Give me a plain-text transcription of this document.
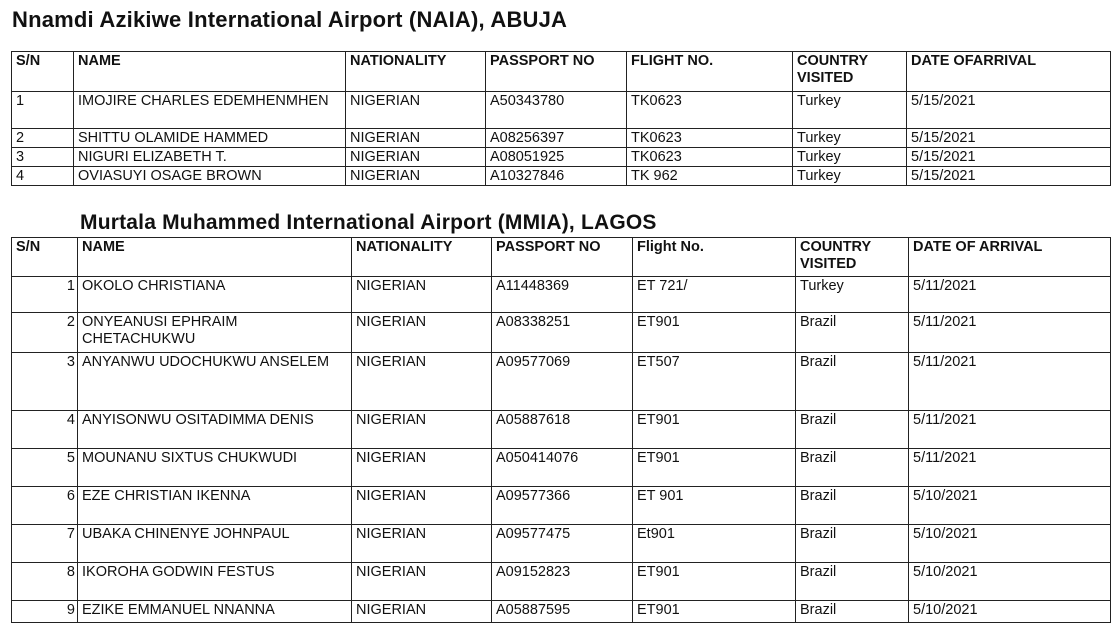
Nnamdi Azikiwe International Airport (NAIA), ABUJA
S/N	NAME	NATIONALITY	PASSPORT NO	FLIGHT NO.	COUNTRY VISITED	DATE OFARRIVAL
1	IMOJIRE CHARLES EDEMHENMHEN	NIGERIAN	A50343780	TK0623	Turkey	5/15/2021
2	SHITTU OLAMIDE HAMMED	NIGERIAN	A08256397	TK0623	Turkey	5/15/2021
3	NIGURI ELIZABETH T.	NIGERIAN	A08051925	TK0623	Turkey	5/15/2021
4	OVIASUYI OSAGE BROWN	NIGERIAN	A10327846	TK 962	Turkey	5/15/2021
Murtala Muhammed International Airport (MMIA), LAGOS
S/N	NAME	NATIONALITY	PASSPORT NO	Flight No.	COUNTRY VISITED	DATE OF ARRIVAL
1	OKOLO CHRISTIANA	NIGERIAN	A11448369	ET 721/	Turkey	5/11/2021
2	ONYEANUSI EPHRAIM CHETACHUKWU	NIGERIAN	A08338251	ET901	Brazil	5/11/2021
3	ANYANWU UDOCHUKWU ANSELEM	NIGERIAN	A09577069	ET507	Brazil	5/11/2021
4	ANYISONWU OSITADIMMA DENIS	NIGERIAN	A05887618	ET901	Brazil	5/11/2021
5	MOUNANU SIXTUS CHUKWUDI	NIGERIAN	A050414076	ET901	Brazil	5/11/2021
6	EZE CHRISTIAN IKENNA	NIGERIAN	A09577366	ET 901	Brazil	5/10/2021
7	UBAKA CHINENYE JOHNPAUL	NIGERIAN	A09577475	Et901	Brazil	5/10/2021
8	IKOROHA GODWIN FESTUS	NIGERIAN	A09152823	ET901	Brazil	5/10/2021
9	EZIKE EMMANUEL NNANNA	NIGERIAN	A05887595	ET901	Brazil	5/10/2021
